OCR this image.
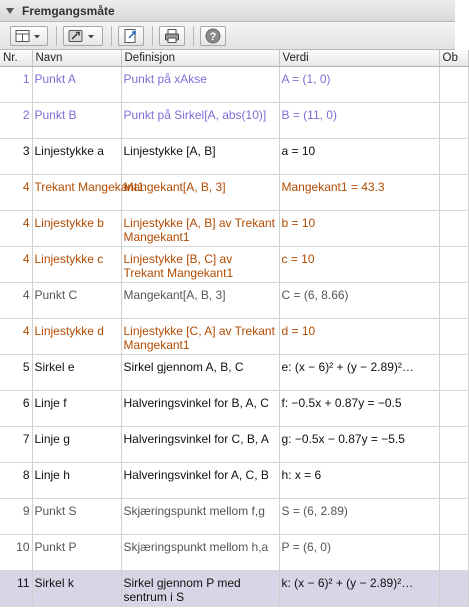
Fremgangsmåte
?
Nr.	Navn	Definisjon	Verdi	Ob
1	Punkt A	Punkt på xAkse	A = (1, 0)	
2	Punkt B	Punkt på Sirkel[A, abs(10)]	B = (11, 0)	
3	Linjestykke a	Linjestykke [A, B]	a = 10	
4	Trekant Mangekant1	Mangekant[A, B, 3]	Mangekant1 = 43.3	
4	Linjestykke b	Linjestykke [A, B] av Trekant Mangekant1	b = 10	
4	Linjestykke c	Linjestykke [B, C] av Trekant Mangekant1	c = 10	
4	Punkt C	Mangekant[A, B, 3]	C = (6, 8.66)	
4	Linjestykke d	Linjestykke [C, A] av Trekant Mangekant1	d = 10	
5	Sirkel e	Sirkel gjennom A, B, C	e: (x − 6)² + (y − 2.89)²…	
6	Linje f	Halveringsvinkel for B, A, C	f: −0.5x + 0.87y = −0.5	
7	Linje g	Halveringsvinkel for C, B, A	g: −0.5x − 0.87y = −5.5	
8	Linje h	Halveringsvinkel for A, C, B	h: x = 6	
9	Punkt S	Skjæringspunkt mellom f,g	S = (6, 2.89)	
10	Punkt P	Skjæringspunkt mellom h,a	P = (6, 0)	
11	Sirkel k	Sirkel gjennom P med sentrum i S	k: (x − 6)² + (y − 2.89)²…	
